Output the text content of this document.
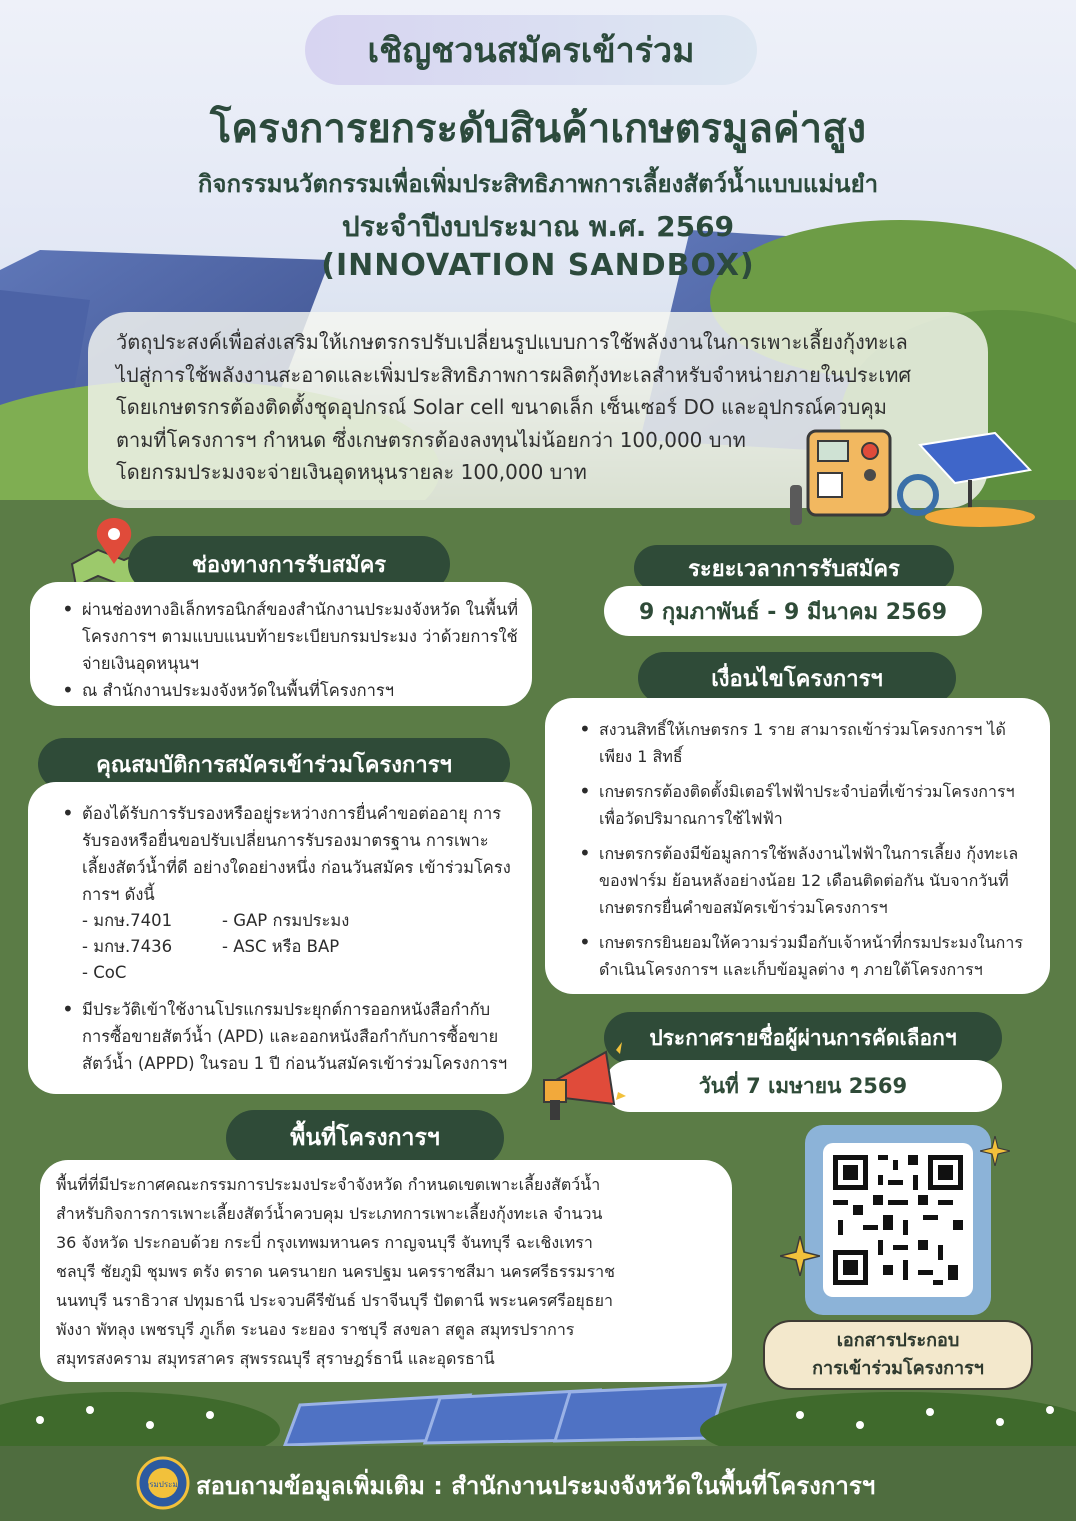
เชิญชวนสมัครเข้าร่วม
โครงการยกระดับสินค้าเกษตรมูลค่าสูง
กิจกรรมนวัตกรรมเพื่อเพิ่มประสิทธิภาพการเลี้ยงสัตว์น้ำแบบแม่นยำ
ประจำปีงบประมาณ พ.ศ. 2569
(INNOVATION SANDBOX)

วัตถุประสงค์เพื่อส่งเสริมให้เกษตรกรปรับเปลี่ยนรูปแบบการใช้พลังงานในการเพาะเลี้ยงกุ้งทะเล

ไปสู่การใช้พลังงานสะอาดและเพิ่มประสิทธิภาพการผลิตกุ้งทะเลสำหรับจำหน่ายภายในประเทศ

โดยเกษตรกรต้องติดตั้งชุดอุปกรณ์ Solar cell ขนาดเล็ก เซ็นเซอร์ DO และอุปกรณ์ควบคุม

ตามที่โครงการฯ กำหนด ซึ่งเกษตรกรต้องลงทุนไม่น้อยกว่า 100,000 บาท

โดยกรมประมงจะจ่ายเงินอุดหนุนรายละ 100,000 บาท

ช่องทางการรับสมัคร
• ผ่านช่องทางอิเล็กทรอนิกส์ของสำนักงานประมงจังหวัด ในพื้นที่โครงการฯ ตามแบบแนบท้ายระเบียบกรมประมง ว่าด้วยการใช้จ่ายเงินอุดหนุนฯ
• ณ สำนักงานประมงจังหวัดในพื้นที่โครงการฯ
ระยะเวลาการรับสมัคร
9 กุมภาพันธ์ - 9 มีนาคม 2569
เงื่อนไขโครงการฯ
• สงวนสิทธิ์ให้เกษตรกร 1 ราย สามารถเข้าร่วมโครงการฯ ได้เพียง 1 สิทธิ์
• เกษตรกรต้องติดตั้งมิเตอร์ไฟฟ้าประจำบ่อที่เข้าร่วมโครงการฯ เพื่อวัดปริมาณการใช้ไฟฟ้า
• เกษตรกรต้องมีข้อมูลการใช้พลังงานไฟฟ้าในการเลี้ยง กุ้งทะเลของฟาร์ม ย้อนหลังอย่างน้อย 12 เดือนติดต่อกัน นับจากวันที่เกษตรกรยื่นคำขอสมัครเข้าร่วมโครงการฯ
• เกษตรกรยินยอมให้ความร่วมมือกับเจ้าหน้าที่กรมประมงในการ ดำเนินโครงการฯ และเก็บข้อมูลต่าง ๆ ภายใต้โครงการฯ
คุณสมบัติการสมัครเข้าร่วมโครงการฯ
• ต้องได้รับการรับรองหรืออยู่ระหว่างการยื่นคำขอต่ออายุ การรับรองหรือยื่นขอปรับเปลี่ยนการรับรองมาตรฐาน การเพาะเลี้ยงสัตว์น้ำที่ดี อย่างใดอย่างหนึ่ง ก่อนวันสมัคร เข้าร่วมโครงการฯ ดังนี้
- มกษ.7401	- GAP กรมประมง
- มกษ.7436	- ASC หรือ BAP
- CoC
• มีประวัติเข้าใช้งานโปรแกรมประยุกต์การออกหนังสือกำกับ การซื้อขายสัตว์น้ำ (APD) และออกหนังสือกำกับการซื้อขาย สัตว์น้ำ (APPD) ในรอบ 1 ปี ก่อนวันสมัครเข้าร่วมโครงการฯ
ประกาศรายชื่อผู้ผ่านการคัดเลือกฯ
วันที่ 7 เมษายน 2569
พื้นที่โครงการฯ
พื้นที่ที่มีประกาศคณะกรรมการประมงประจำจังหวัด กำหนดเขตเพาะเลี้ยงสัตว์น้ำ
สำหรับกิจการการเพาะเลี้ยงสัตว์น้ำควบคุม ประเภทการเพาะเลี้ยงกุ้งทะเล จำนวน
36 จังหวัด ประกอบด้วย กระบี่ กรุงเทพมหานคร กาญจนบุรี จันทบุรี ฉะเชิงเทรา
ชลบุรี ชัยภูมิ ชุมพร ตรัง ตราด นครนายก นครปฐม นครราชสีมา นครศรีธรรมราช
นนทบุรี นราธิวาส ปทุมธานี ประจวบคีรีขันธ์ ปราจีนบุรี ปัตตานี พระนครศรีอยุธยา
พังงา พัทลุง เพชรบุรี ภูเก็ต ระนอง ระยอง ราชบุรี สงขลา สตูล สมุทรปราการ
สมุทรสงคราม สมุทรสาคร สุพรรณบุรี สุราษฎร์ธานี และอุดรธานี
เอกสารประกอบ
การเข้าร่วมโครงการฯ
กรมประมง สอบถามข้อมูลเพิ่มเติม : สำนักงานประมงจังหวัดในพื้นที่โครงการฯ
